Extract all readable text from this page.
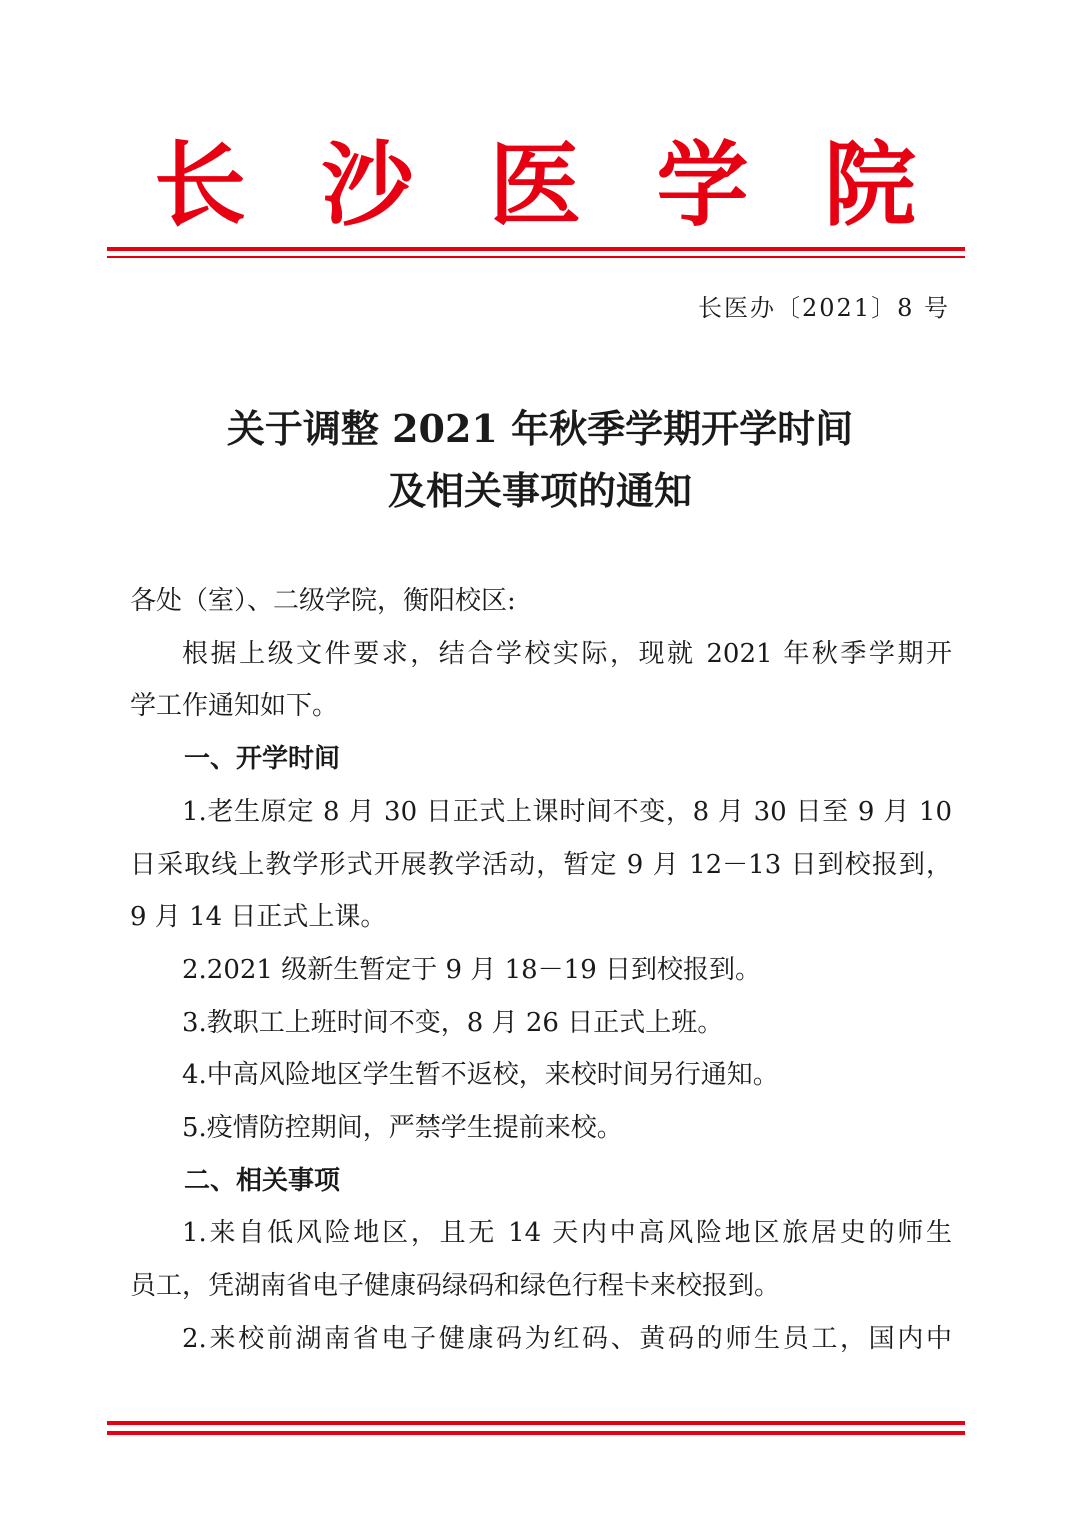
长 沙 医 学 院
长医办〔2021〕8 号
关于调整 2021 年秋季学期开学时间
及相关事项的通知

各处（室）、二级学院，衡阳校区:

根据上级文件要求，结合学校实际，现就 2021 年秋季学期开

学工作通知如下。

一、开学时间

1.老生原定 8 月 30 日正式上课时间不变，8 月 30 日至 9 月 10

日采取线上教学形式开展教学活动，暂定 9 月 12－13 日到校报到，

9 月 14 日正式上课。

2.2021 级新生暂定于 9 月 18－19 日到校报到。

3.教职工上班时间不变，8 月 26 日正式上班。

4.中高风险地区学生暂不返校，来校时间另行通知。

5.疫情防控期间，严禁学生提前来校。

二、相关事项

1.来自低风险地区，且无 14 天内中高风险地区旅居史的师生

员工，凭湖南省电子健康码绿码和绿色行程卡来校报到。

2.来校前湖南省电子健康码为红码、黄码的师生员工，国内中
